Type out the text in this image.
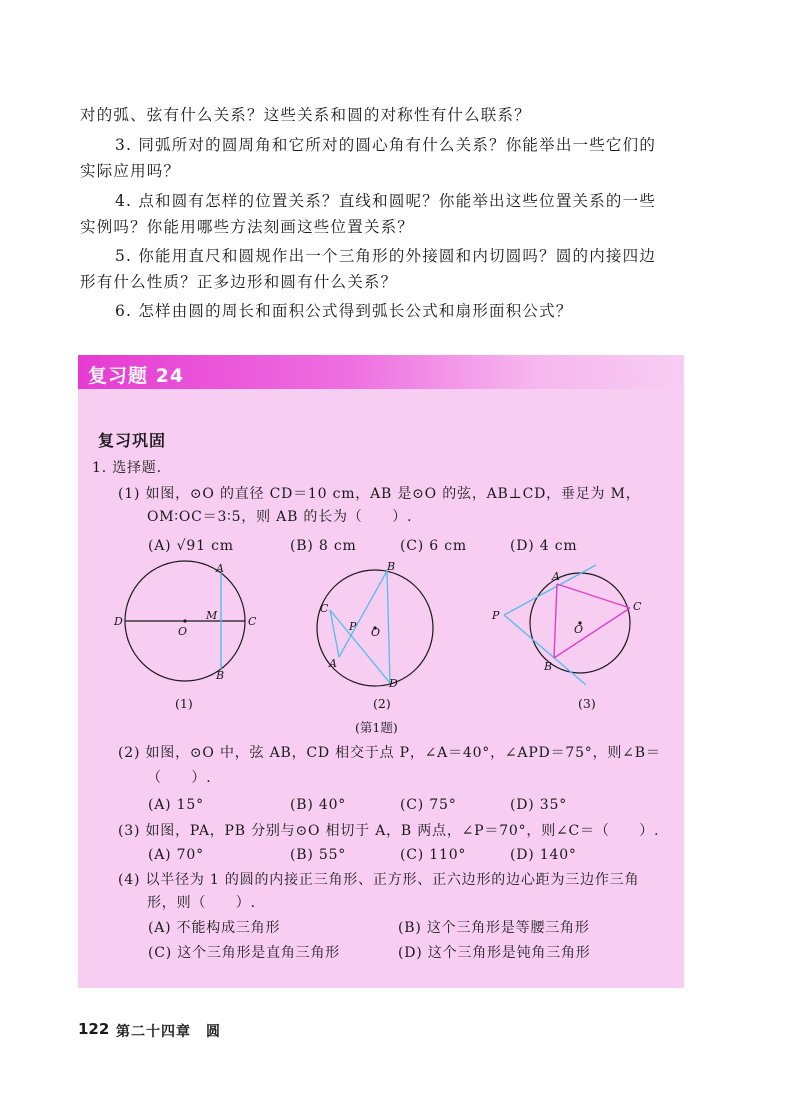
对的弧、弦有什么关系？这些关系和圆的对称性有什么联系？
3. 同弧所对的圆周角和它所对的圆心角有什么关系？你能举出一些它们的
实际应用吗？
4. 点和圆有怎样的位置关系？直线和圆呢？你能举出这些位置关系的一些
实例吗？你能用哪些方法刻画这些位置关系？
5. 你能用直尺和圆规作出一个三角形的外接圆和内切圆吗？圆的内接四边
形有什么性质？正多边形和圆有什么关系？
6. 怎样由圆的周长和面积公式得到弧长公式和扇形面积公式？
复习题 24
复习巩固
1. 选择题.
(1) 如图，⊙O 的直径 CD＝10 cm，AB 是⊙O 的弦，AB⊥CD，垂足为 M，
OM∶OC＝3∶5，则 AB 的长为（　　）.
(A) √91 cm	(B) 8 cm	(C) 6 cm	(D) 4 cm
A
B
C
D	M
O
(1)
B
C
A
D
P O
(2)
A
B
C
P
O
(3)
(第1题)
(2) 如图，⊙O 中，弦 AB，CD 相交于点 P，∠A＝40°，∠APD＝75°，则∠B＝
（　　）.
(A) 15°	(B) 40°	(C) 75°	(D) 35°
(3) 如图，PA，PB 分别与⊙O 相切于 A，B 两点，∠P＝70°，则∠C＝（　　）.
(A) 70°	(B) 55°	(C) 110°	(D) 140°
(4) 以半径为 1 的圆的内接正三角形、正方形、正六边形的边心距为三边作三角
形，则（　　）.
(A) 不能构成三角形	(B) 这个三角形是等腰三角形
(C) 这个三角形是直角三角形	(D) 这个三角形是钝角三角形
122 第二十四章　圆
